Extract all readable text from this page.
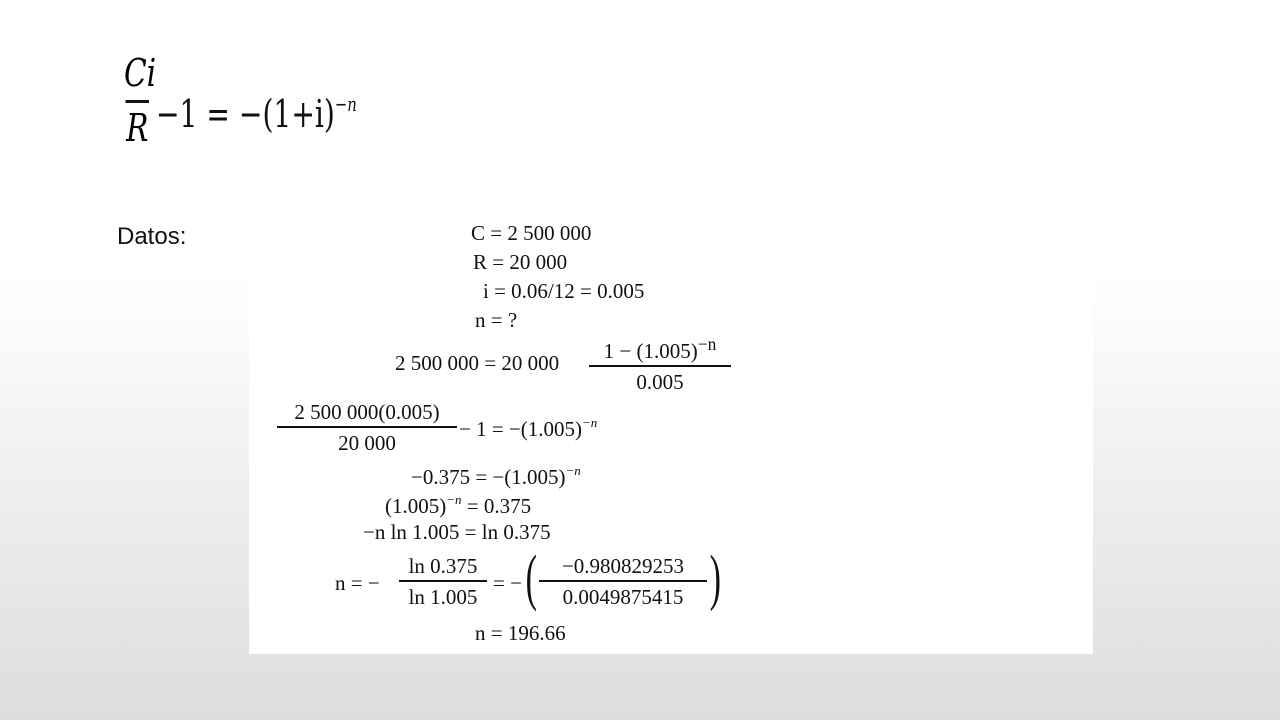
Ci
$R -1 = -(1+i)^{-n}$
Datos:	C = 2 500 000
R = 20 000
i = 0.06/12 = 0.005
n = ?
2 500 000 = 20 000	$1 - (1.005)^{-n}$
0.005
2 500 000(0.005)
20 000
− $1 = -(1.005)^{-n}$
$-0.375 = -(1.005)^{-n}$
$(1.005)^{-n} = 0.375$
−n ln 1.005 = ln 0.375
n = −
ln 0.375
ln 1.005
= − (	−0.980829253
0.0049875415 )
n = 196.66
